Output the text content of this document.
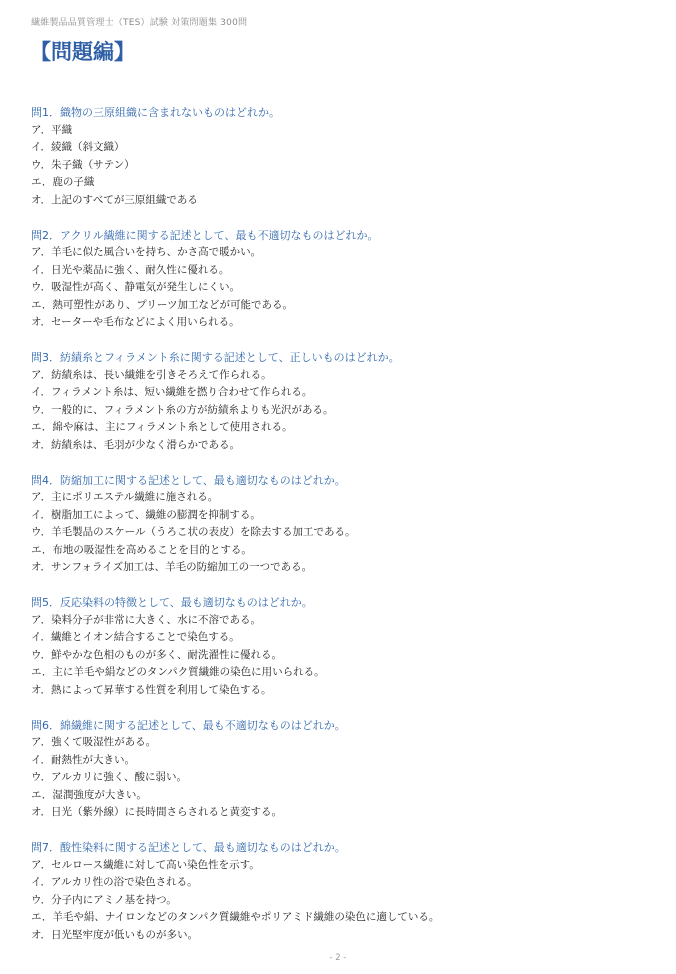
繊維製品品質管理士（TES）試験 対策問題集 300問
【問題編】
問1．織物の三原組織に含まれないものはどれか。
ア．平織
イ．綾織（斜文織）
ウ．朱子織（サテン）
エ．鹿の子織
オ．上記のすべてが三原組織である
問2．アクリル繊維に関する記述として、最も不適切なものはどれか。
ア．羊毛に似た風合いを持ち、かさ高で暖かい。
イ．日光や薬品に強く、耐久性に優れる。
ウ．吸湿性が高く、静電気が発生しにくい。
エ．熱可塑性があり、プリーツ加工などが可能である。
オ．セーターや毛布などによく用いられる。
問3．紡績糸とフィラメント糸に関する記述として、正しいものはどれか。
ア．紡績糸は、長い繊維を引きそろえて作られる。
イ．フィラメント糸は、短い繊維を撚り合わせて作られる。
ウ．一般的に、フィラメント糸の方が紡績糸よりも光沢がある。
エ．綿や麻は、主にフィラメント糸として使用される。
オ．紡績糸は、毛羽が少なく滑らかである。
問4．防縮加工に関する記述として、最も適切なものはどれか。
ア．主にポリエステル繊維に施される。
イ．樹脂加工によって、繊維の膨潤を抑制する。
ウ．羊毛製品のスケール（うろこ状の表皮）を除去する加工である。
エ．布地の吸湿性を高めることを目的とする。
オ．サンフォライズ加工は、羊毛の防縮加工の一つである。
問5．反応染料の特徴として、最も適切なものはどれか。
ア．染料分子が非常に大きく、水に不溶である。
イ．繊維とイオン結合することで染色する。
ウ．鮮やかな色相のものが多く、耐洗濯性に優れる。
エ．主に羊毛や絹などのタンパク質繊維の染色に用いられる。
オ．熱によって昇華する性質を利用して染色する。
問6．綿繊維に関する記述として、最も不適切なものはどれか。
ア．強くて吸湿性がある。
イ．耐熱性が大きい。
ウ．アルカリに強く、酸に弱い。
エ．湿潤強度が大きい。
オ．日光（紫外線）に長時間さらされると黄変する。
問7．酸性染料に関する記述として、最も適切なものはどれか。
ア．セルロース繊維に対して高い染色性を示す。
イ．アルカリ性の浴で染色される。
ウ．分子内にアミノ基を持つ。
エ．羊毛や絹、ナイロンなどのタンパク質繊維やポリアミド繊維の染色に適している。
オ．日光堅牢度が低いものが多い。
- 2 -
